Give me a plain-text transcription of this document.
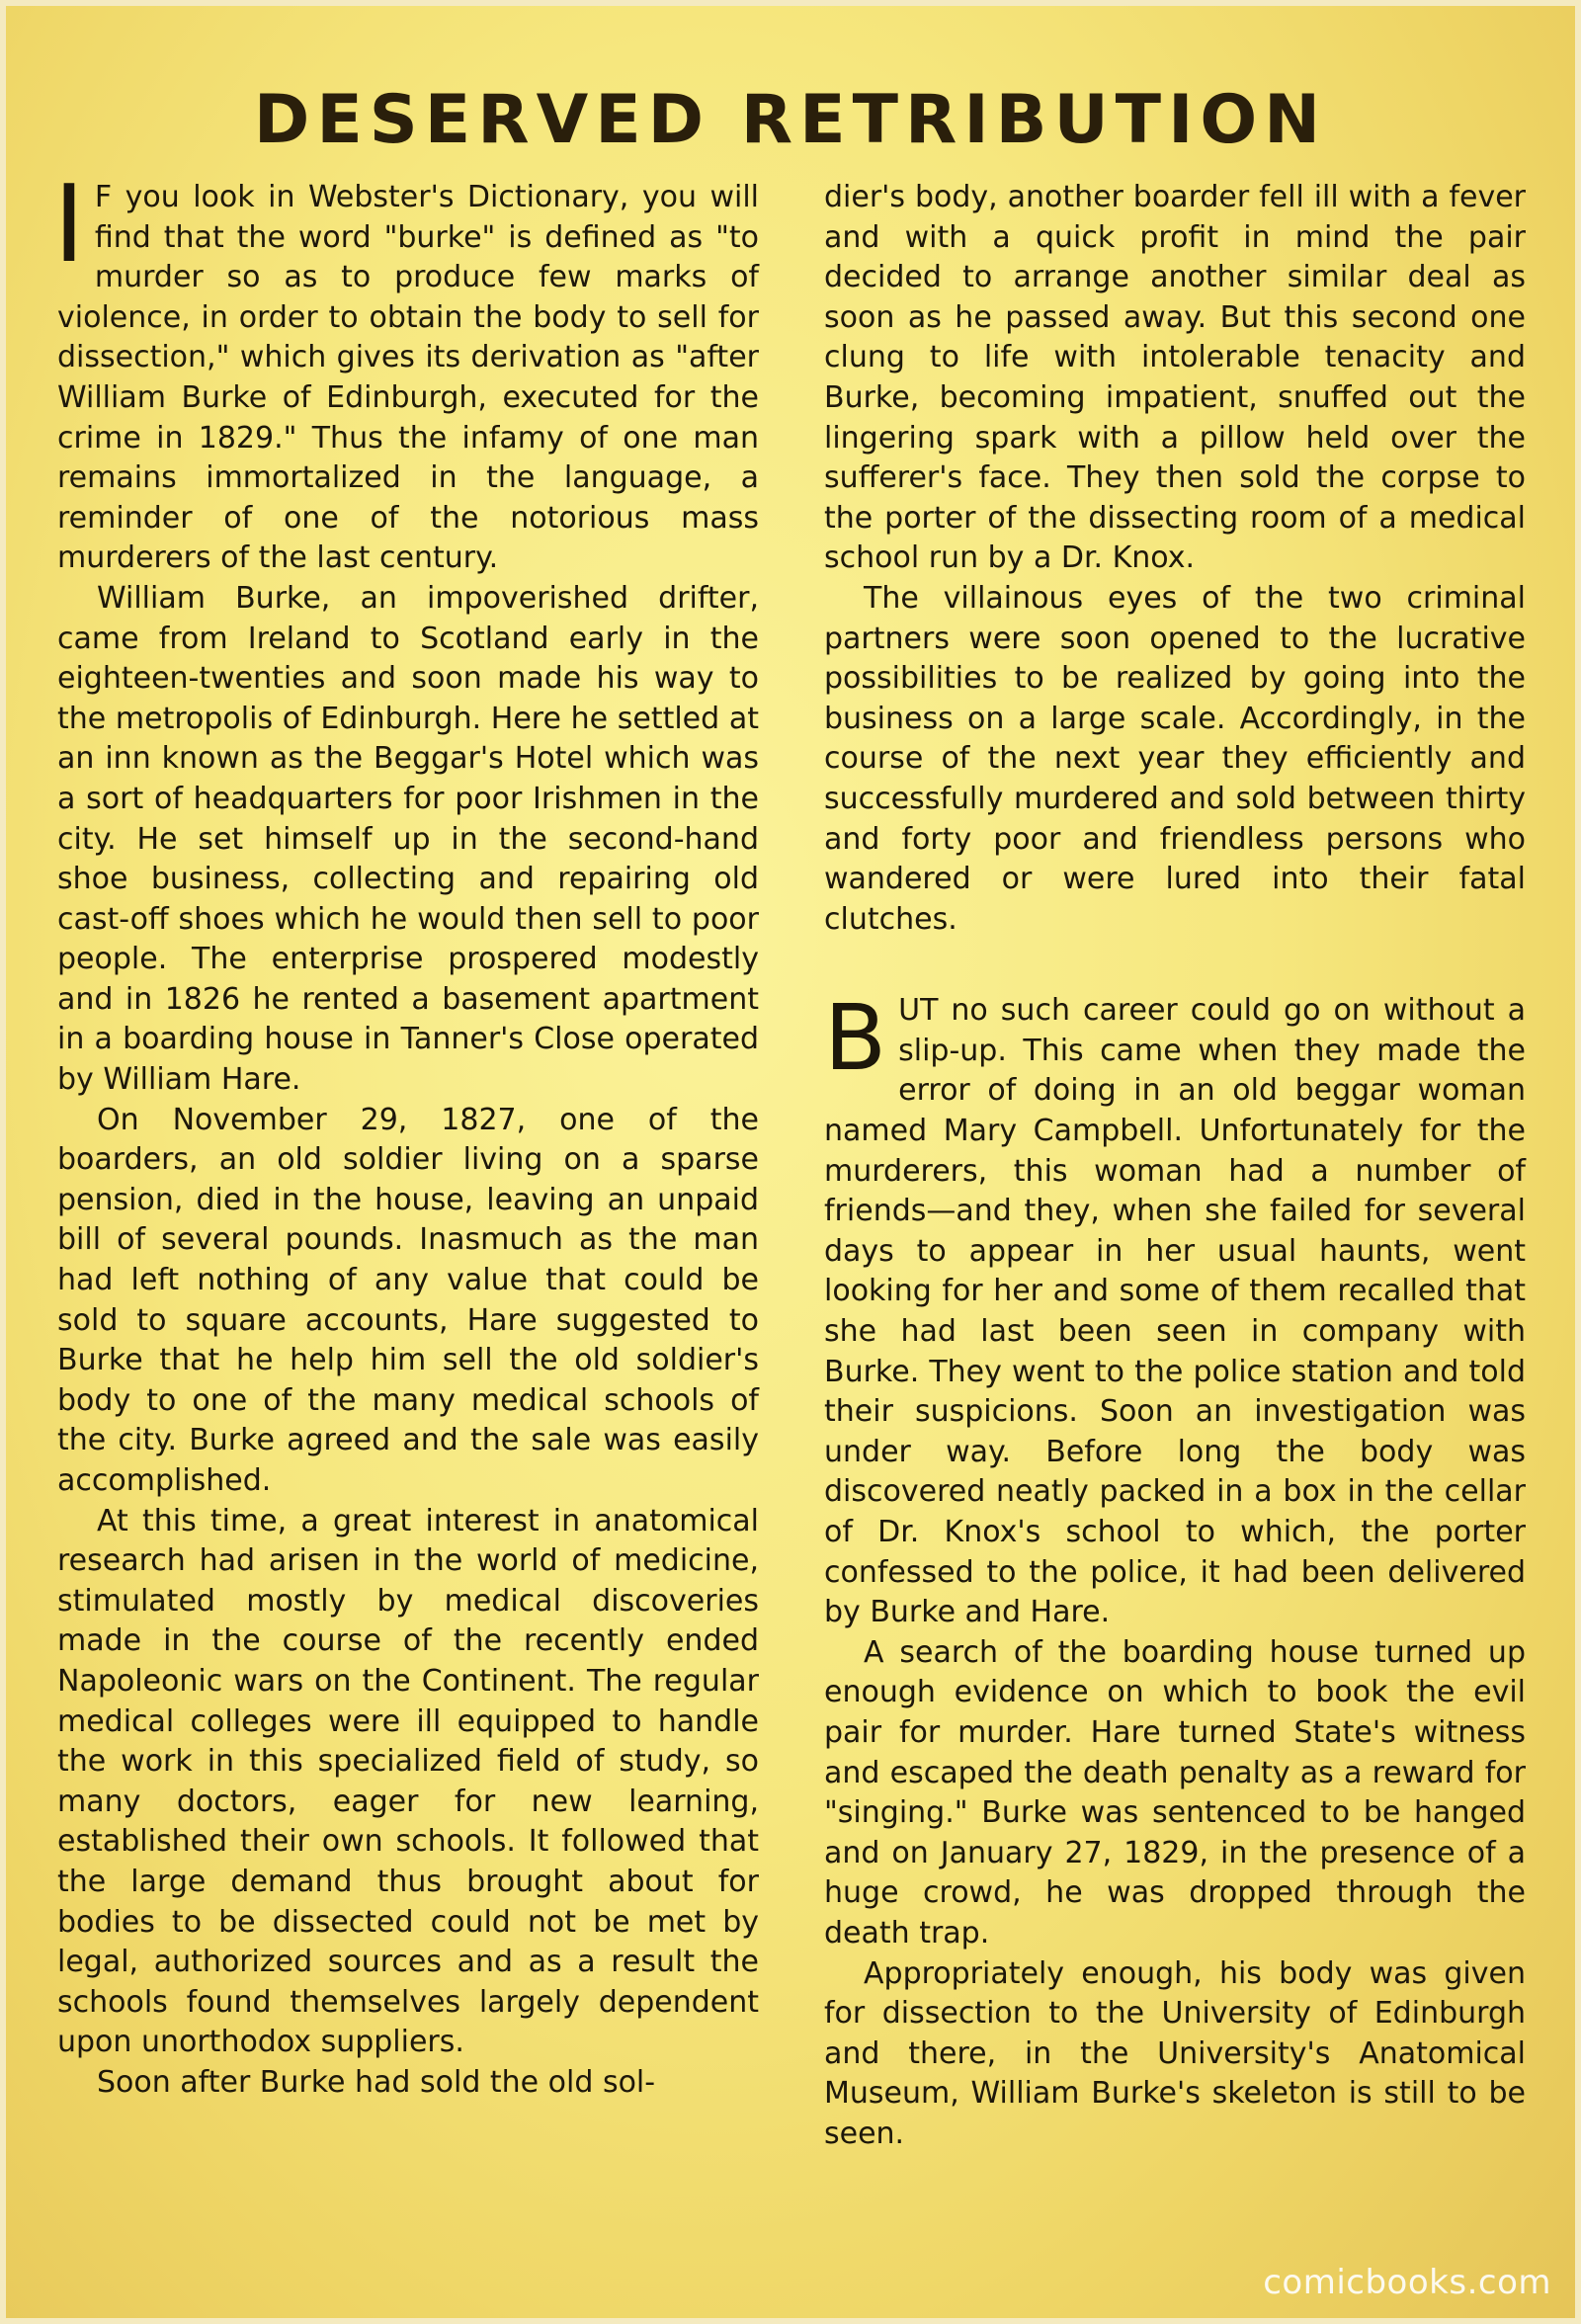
DESERVED RETRIBUTION

I F you look in Webster's Dictionary, you will find that the word "burke" is defined as "to murder so as to produce few marks of violence, in order to obtain the body to sell for dissection," which gives its derivation as "after William Burke of Edinburgh, executed for the crime in 1829." Thus the infamy of one man remains immortalized in the language, a reminder of one of the notorious mass murderers of the last century.

William Burke, an impoverished drifter, came from Ireland to Scotland early in the eighteen-twenties and soon made his way to the metropolis of Edinburgh. Here he settled at an inn known as the Beggar's Hotel which was a sort of headquarters for poor Irishmen in the city. He set himself up in the second-hand shoe business, collecting and repairing old cast-off shoes which he would then sell to poor people. The enterprise prospered modestly and in 1826 he rented a basement apartment in a boarding house in Tanner's Close operated by William Hare.

On November 29, 1827, one of the boarders, an old soldier living on a sparse pension, died in the house, leaving an unpaid bill of several pounds. Inasmuch as the man had left nothing of any value that could be sold to square accounts, Hare suggested to Burke that he help him sell the old soldier's body to one of the many medical schools of the city. Burke agreed and the sale was easily accomplished.

At this time, a great interest in anatomical research had arisen in the world of medicine, stimulated mostly by medical discoveries made in the course of the recently ended Napoleonic wars on the Continent. The regular medical colleges were ill equipped to handle the work in this specialized field of study, so many doctors, eager for new learning, established their own schools. It followed that the large demand thus brought about for bodies to be dissected could not be met by legal, authorized sources and as a result the schools found themselves largely dependent upon unorthodox suppliers.

Soon after Burke had sold the old sol-

dier's body, another boarder fell ill with a fever and with a quick profit in mind the pair decided to arrange another similar deal as soon as he passed away. But this second one clung to life with intolerable tenacity and Burke, becoming impatient, snuffed out the lingering spark with a pillow held over the sufferer's face. They then sold the corpse to the porter of the dissecting room of a medical school run by a Dr. Knox.

The villainous eyes of the two criminal partners were soon opened to the lucrative possibilities to be realized by going into the business on a large scale. Accordingly, in the course of the next year they efficiently and successfully murdered and sold between thirty and forty poor and friendless persons who wandered or were lured into their fatal clutches.

B UT no such career could go on without a slip-up. This came when they made the error of doing in an old beggar woman named Mary Campbell. Unfortunately for the murderers, this woman had a number of friends—and they, when she failed for several days to appear in her usual haunts, went looking for her and some of them recalled that she had last been seen in company with Burke. They went to the police station and told their suspicions. Soon an investigation was under way. Before long the body was discovered neatly packed in a box in the cellar of Dr. Knox's school to which, the porter confessed to the police, it had been delivered by Burke and Hare.

A search of the boarding house turned up enough evidence on which to book the evil pair for murder. Hare turned State's witness and escaped the death penalty as a reward for "singing." Burke was sentenced to be hanged and on January 27, 1829, in the presence of a huge crowd, he was dropped through the death trap.

Appropriately enough, his body was given for dissection to the University of Edinburgh and there, in the University's Anatomical Museum, William Burke's skeleton is still to be seen.

comicbooks.com
